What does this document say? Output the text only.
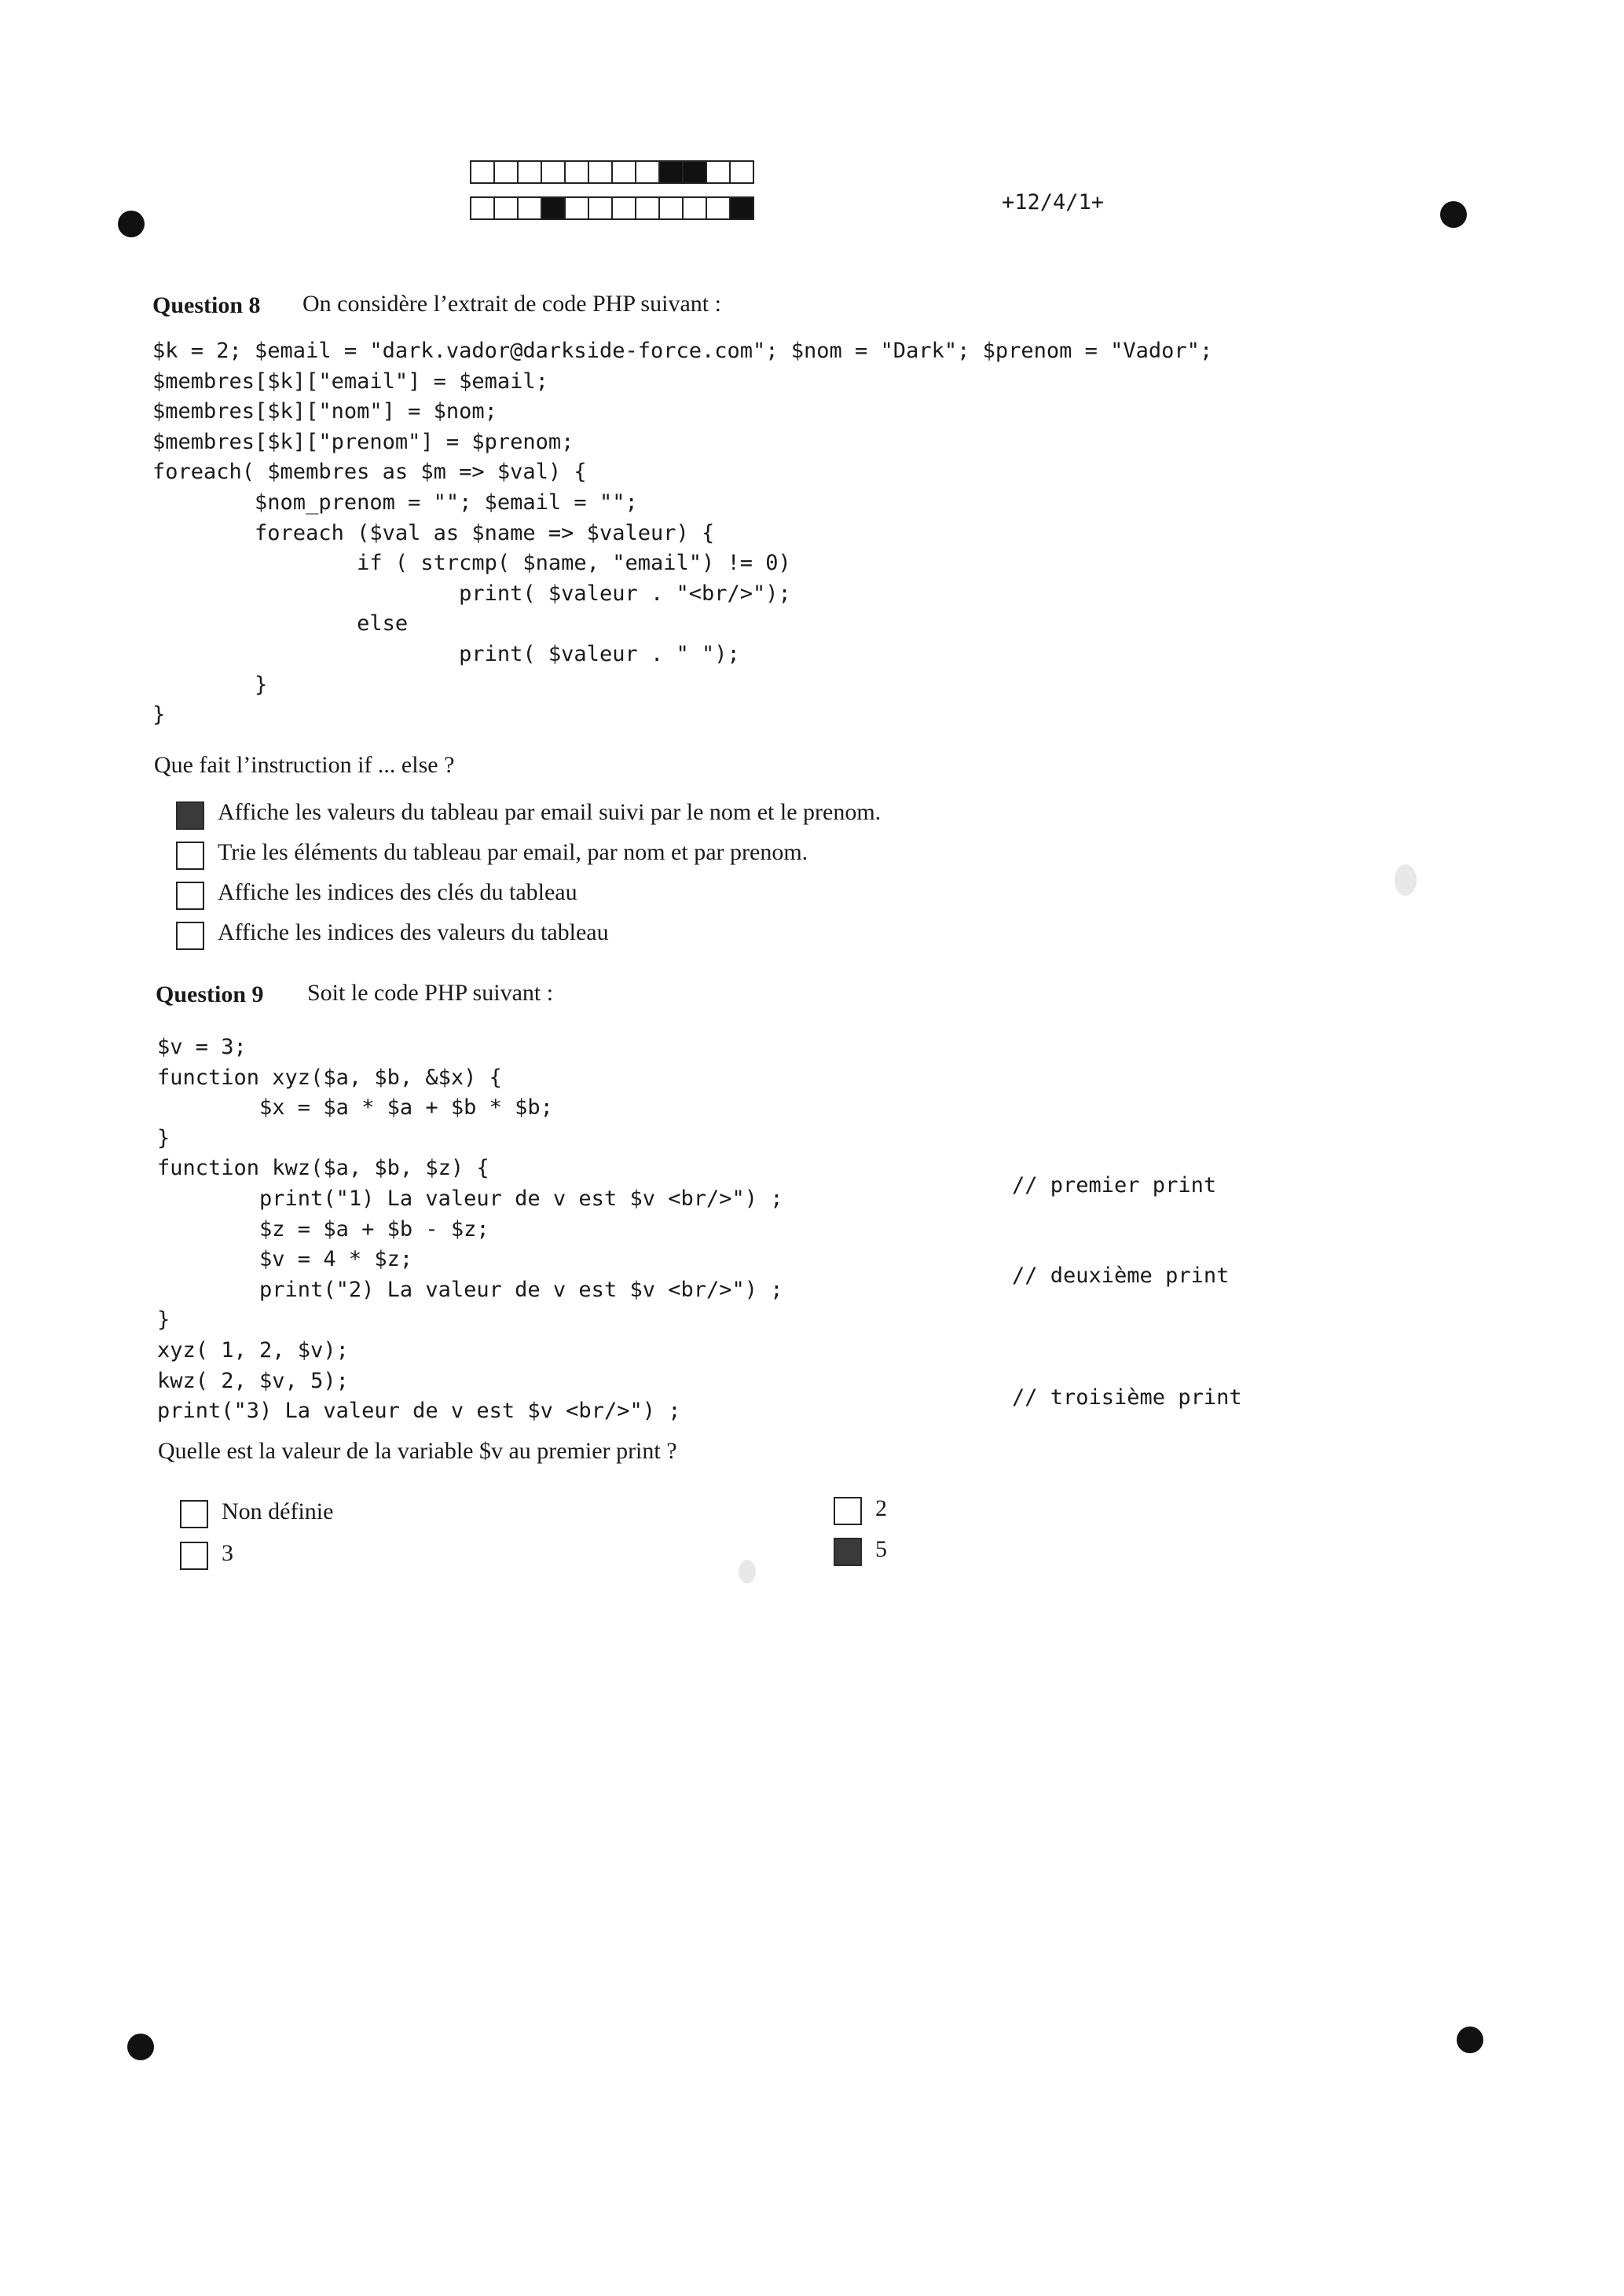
+12/4/1+
Question 8 On considère l’extrait de code PHP suivant :
$k = 2; $email = "dark.vador@darkside-force.com"; $nom = "Dark"; $prenom = "Vador";
$membres[$k]["email"] = $email;
$membres[$k]["nom"] = $nom;
$membres[$k]["prenom"] = $prenom;
foreach( $membres as $m => $val) {
$nom_prenom = ""; $email = "";
foreach ($val as $name => $valeur) {
if ( strcmp( $name, "email") != 0)
print( $valeur . "<br/>");
else
print( $valeur . " ");
}
}
Que fait l’instruction if ... else ?
Affiche les valeurs du tableau par email suivi par le nom et le prenom.
Trie les éléments du tableau par email, par nom et par prenom.
Affiche les indices des clés du tableau
Affiche les indices des valeurs du tableau
Question 9 Soit le code PHP suivant :
$v = 3;
function xyz($a, $b, &$x) {
$x = $a * $a + $b * $b;
}
function kwz($a, $b, $z) {
print("1) La valeur de v est $v <br/>") ;
$z = $a + $b - $z;
$v = 4 * $z;
print("2) La valeur de v est $v <br/>") ;
}
xyz( 1, 2, $v);
kwz( 2, $v, 5);
print("3) La valeur de v est $v <br/>") ;
// premier print
// deuxième print
// troisième print
Quelle est la valeur de la variable $v au premier print ?
Non définie
3
2
5
